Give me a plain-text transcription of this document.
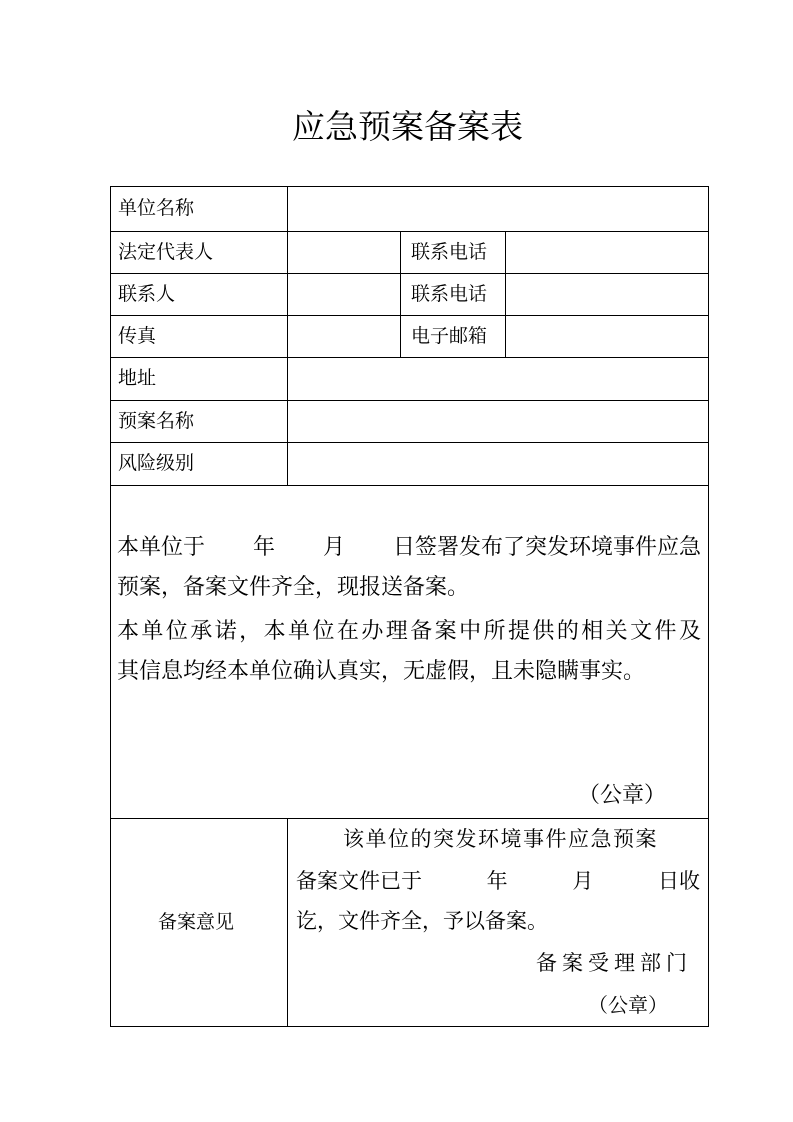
应急预案备案表
单位名称
法定代表人	联系电话
联系人	联系电话
传真	电子邮箱
地址
预案名称
风险级别
本单位于 年 月 日签署发布了突发环境事件应急
预案，备案文件齐全，现报送备案。
本单位承诺，本单位在办理备案中所提供的相关文件及
其信息均经本单位确认真实，无虚假，且未隐瞒事实。
（公章）
备案意见
该单位的突发环境事件应急预案
备案文件已于	年	月	日收
讫，文件齐全，予以备案。
备案受理部门
（公章）
